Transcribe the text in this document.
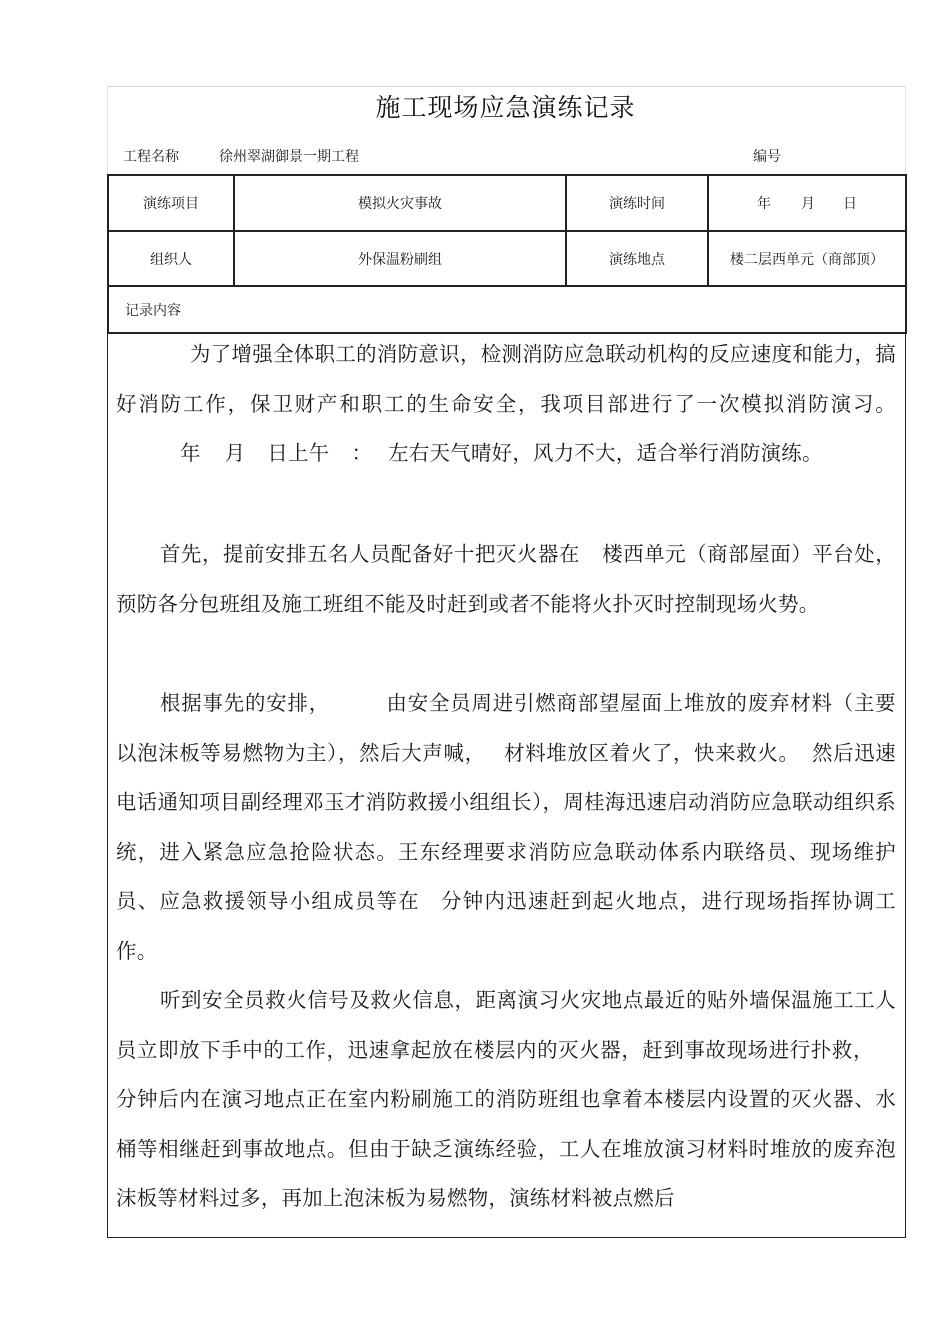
施工现场应急演练记录
工程名称	徐州翠湖御景一期工程	编号
演练项目	模拟火灾事故	演练时间	年 月 日
组织人	外保温粉刷组	演练地点	楼二层西单元（商部顶）
记录内容			

为了增强全体职工的消防意识，检测消防应急联动机构的反应速度和能力，搞好消防工作，保卫财产和职工的生命安全，我项目部进行了一次模拟消防演习。年 月 日上午 ： 左右天气晴好，风力不大，适合举行消防演练。

首先，提前安排五名人员配备好十把灭火器在 楼西单元（商部屋面）平台处，预防各分包班组及施工班组不能及时赶到或者不能将火扑灭时控制现场火势。

根据事先的安排，	由安全员周进引燃商部望屋面上堆放的废弃材料（主要以泡沫板等易燃物为主），然后大声喊， 材料堆放区着火了，快来救火。 然后迅速电话通知项目副经理邓玉才消防救援小组组长），周桂海迅速启动消防应急联动组织系统，进入紧急应急抢险状态。王东经理要求消防应急联动体系内联络员、现场维护员、应急救援领导小组成员等在 分钟内迅速赶到起火地点，进行现场指挥协调工作。

听到安全员救火信号及救火信息，距离演习火灾地点最近的贴外墙保温施工工人员立即放下手中的工作，迅速拿起放在楼层内的灭火器，赶到事故现场进行扑救，分钟后内在演习地点正在室内粉刷施工的消防班组也拿着本楼层内设置的灭火器、水桶等相继赶到事故地点。但由于缺乏演练经验，工人在堆放演习材料时堆放的废弃泡沫板等材料过多，再加上泡沫板为易燃物，演练材料被点燃后
